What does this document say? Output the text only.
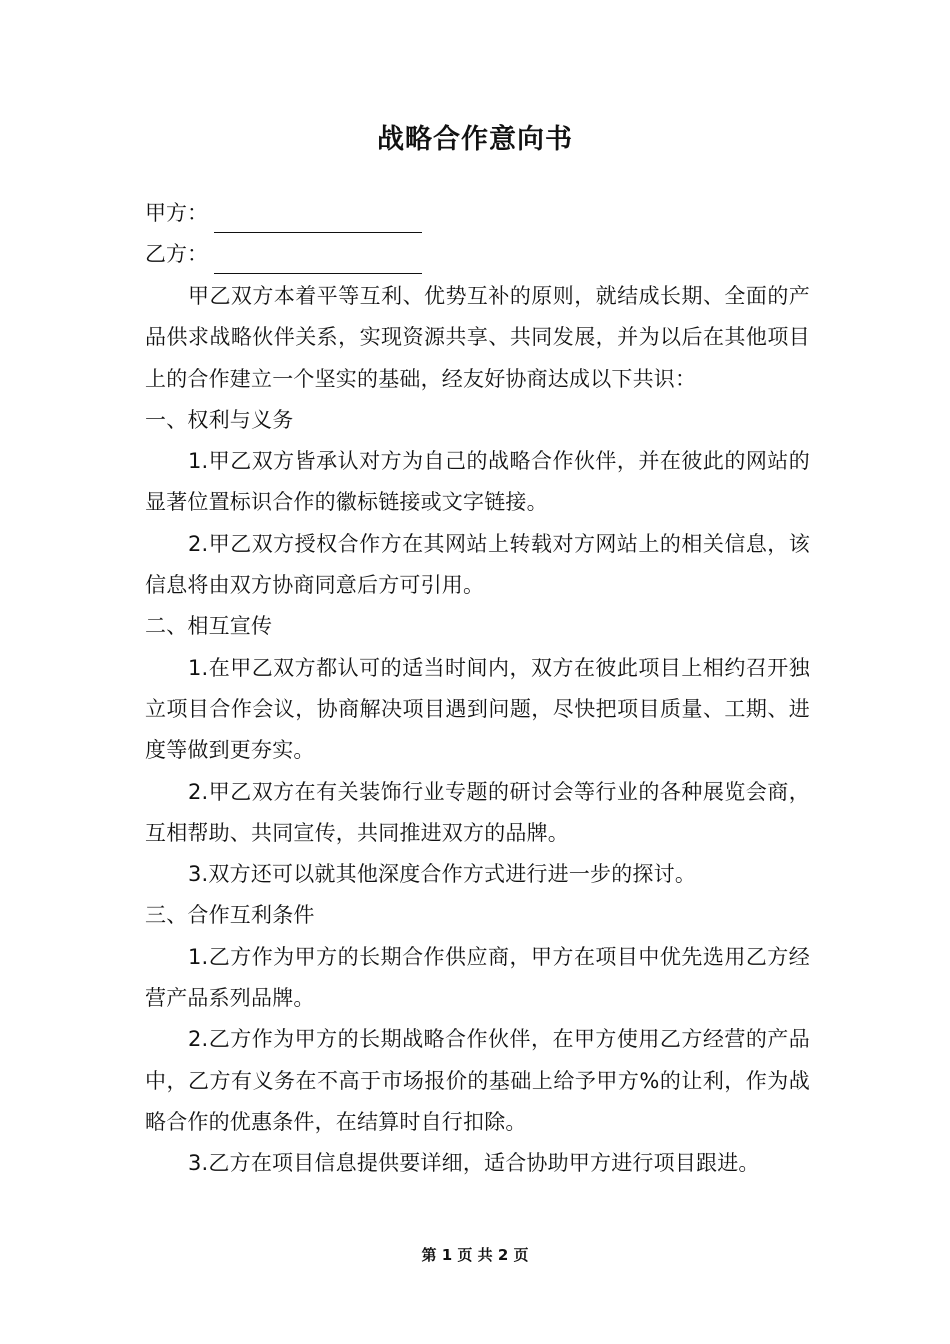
战略合作意向书
甲方：
乙方：

甲乙双方本着平等互利、优势互补的原则，就结成长期、全面的产品供求战略伙伴关系，实现资源共享、共同发展，并为以后在其他项目上的合作建立一个坚实的基础，经友好协商达成以下共识：

一、权利与义务

1.甲乙双方皆承认对方为自己的战略合作伙伴，并在彼此的网站的显著位置标识合作的徽标链接或文字链接。

2.甲乙双方授权合作方在其网站上转载对方网站上的相关信息，该信息将由双方协商同意后方可引用。

二、相互宣传

1.在甲乙双方都认可的适当时间内，双方在彼此项目上相约召开独立项目合作会议，协商解决项目遇到问题，尽快把项目质量、工期、进度等做到更夯实。

2.甲乙双方在有关装饰行业专题的研讨会等行业的各种展览会商，互相帮助、共同宣传，共同推进双方的品牌。

3.双方还可以就其他深度合作方式进行进一步的探讨。

三、合作互利条件

1.乙方作为甲方的长期合作供应商，甲方在项目中优先选用乙方经营产品系列品牌。

2.乙方作为甲方的长期战略合作伙伴，在甲方使用乙方经营的产品中，乙方有义务在不高于市场报价的基础上给予甲方%的让利，作为战略合作的优惠条件，在结算时自行扣除。

3.乙方在项目信息提供要详细，适合协助甲方进行项目跟进。

第 1 页 共 2 页
